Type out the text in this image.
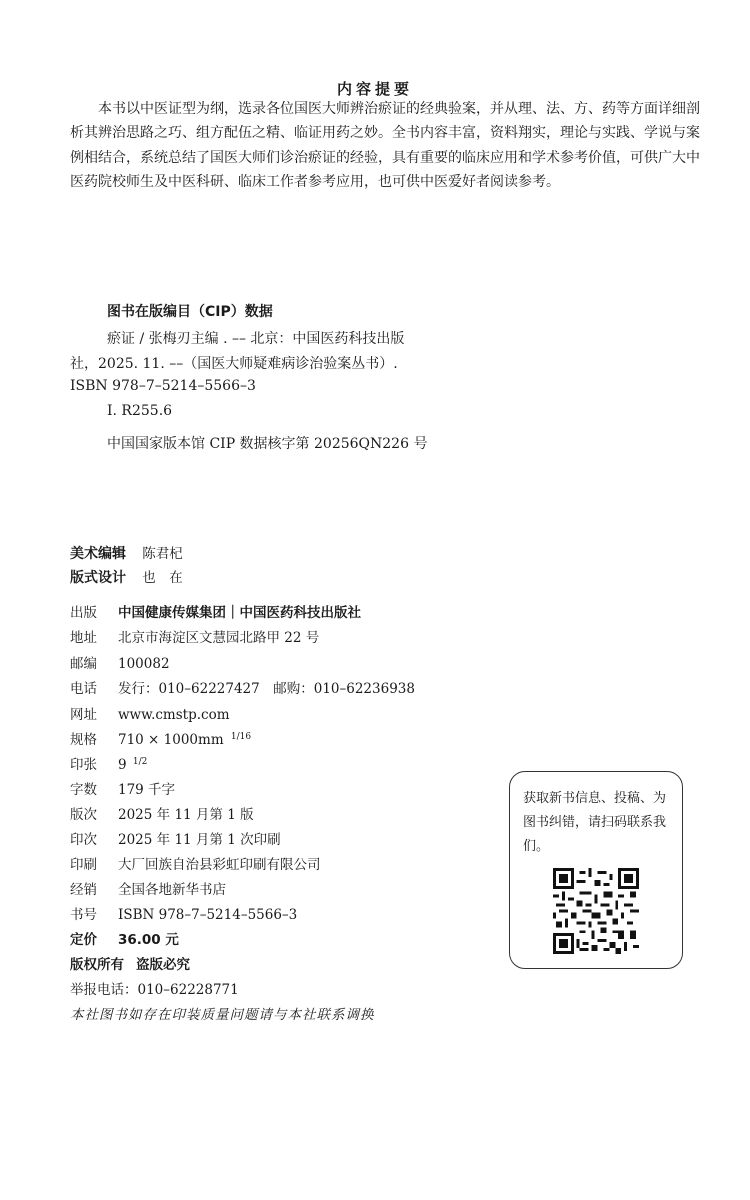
内容提要
本书以中医证型为纲，选录各位国医大师辨治瘀证的经典验案，并从理、法、方、药等方面详细剖析其辨治思路之巧、组方配伍之精、临证用药之妙。全书内容丰富，资料翔实，理论与实践、学说与案例相结合，系统总结了国医大师们诊治瘀证的经验，具有重要的临床应用和学术参考价值，可供广大中医药院校师生及中医科研、临床工作者参考应用，也可供中医爱好者阅读参考。
图书在版编目（CIP）数据
瘀证 / 张梅刃主编 . –– 北京：中国医药科技出版
社，2025. 11. ––（国医大师疑难病诊治验案丛书）.
ISBN 978–7–5214–5566–3
Ⅰ. R255.6
中国国家版本馆 CIP 数据核字第 20256QN226 号
美术编辑 陈君杞
版式设计 也　在
出版 中国健康传媒集团｜中国医药科技出版社
地址 北京市海淀区文慧园北路甲 22 号
邮编 100082
电话 发行：010–62227427　邮购：010–62236938
网址 www.cmstp.com
规格 710 × 1000mm $^{1/16}$
印张 9 $^{1/2}$
字数 179 千字
版次 2025 年 11 月第 1 版
印次 2025 年 11 月第 1 次印刷
印刷 大厂回族自治县彩虹印刷有限公司
经销 全国各地新华书店
书号 ISBN 978–7–5214–5566–3
定价 36.00 元
版权所有 盗版必究
举报电话：010–62228771
获取新书信息、投稿、为图书纠错，请扫码联系我们。
本社图书如存在印装质量问题请与本社联系调换
